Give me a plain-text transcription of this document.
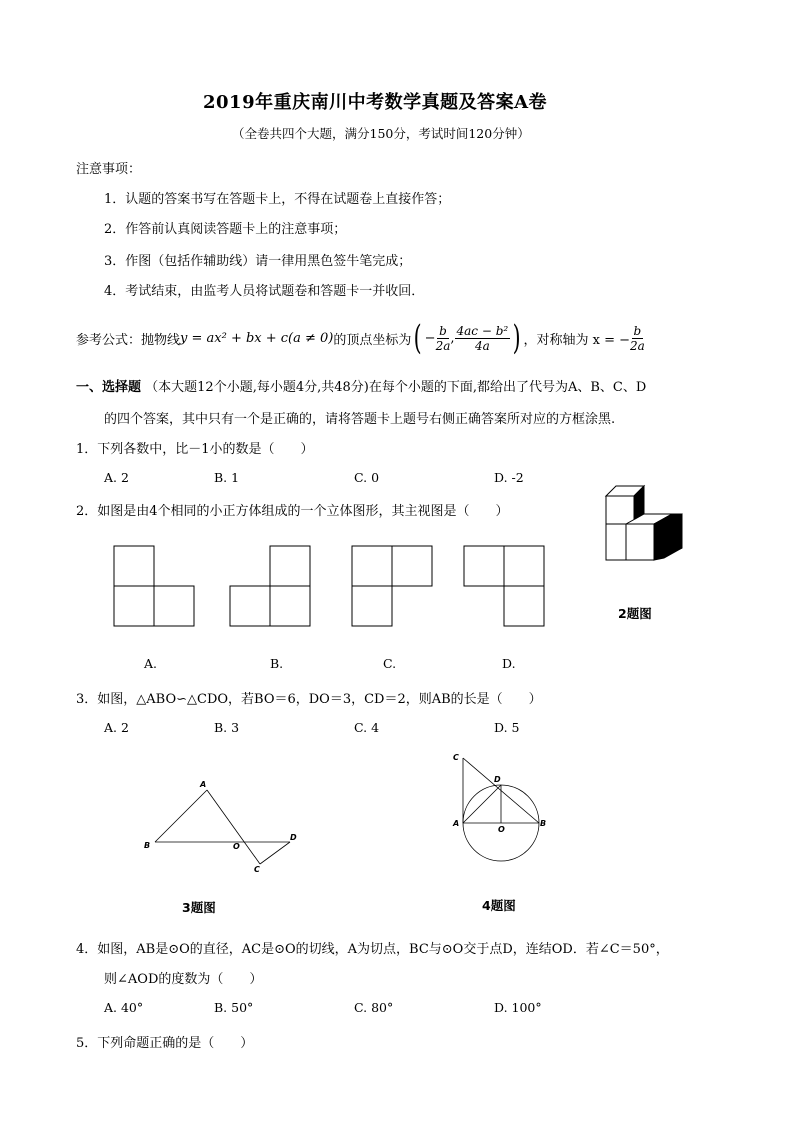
2019年重庆南川中考数学真题及答案A卷
（全卷共四个大题，满分150分，考试时间120分钟）
注意事项：
1．认题的答案书写在答题卡上，不得在试题卷上直接作答；
2．作答前认真阅读答题卡上的注意事项；
3．作图（包括作辅助线）请一律用黑色签牛笔完成；
4．考试结束，由监考人员将试题卷和答题卡一并收回．
参考公式：抛物线 y = ax² + bx + c(a ≠ 0) 的顶点坐标为 ( − $\frac{b}{2a}$ , $\frac{\text{4ac − b²}}{4a}$ ) ，对称轴为 x = − $\frac{b}{2a}$
一、选择题 （本大题12个小题,每小题4分,共48分)在每个小题的下面,都给出了代号为A、B、C、D
的四个答案，其中只有一个是正确的，请将答题卡上题号右侧正确答案所对应的方框涂黑.
1．下列各数中，比－1小的数是（　　）
A. 2	B. 1	C. 0	D. -2
2．如图是由4个相同的小正方体组成的一个立体图形，其主视图是（　　）
2题图
A.	B.	C.	D.
3．如图，△ABO∽△CDO，若BO＝6，DO＝3，CD＝2，则AB的长是（　　）
A. 2	B. 3	C. 4	D. 5
A
B	O
D
C
3题图
C
D
A
O
B
4题图
4．如图，AB是⊙O的直径，AC是⊙O的切线，A为切点，BC与⊙O交于点D，连结OD．若∠C＝50°，
则∠AOD的度数为（　　）
A. 40°	B. 50°	C. 80°	D. 100°
5．下列命题正确的是（　　）
